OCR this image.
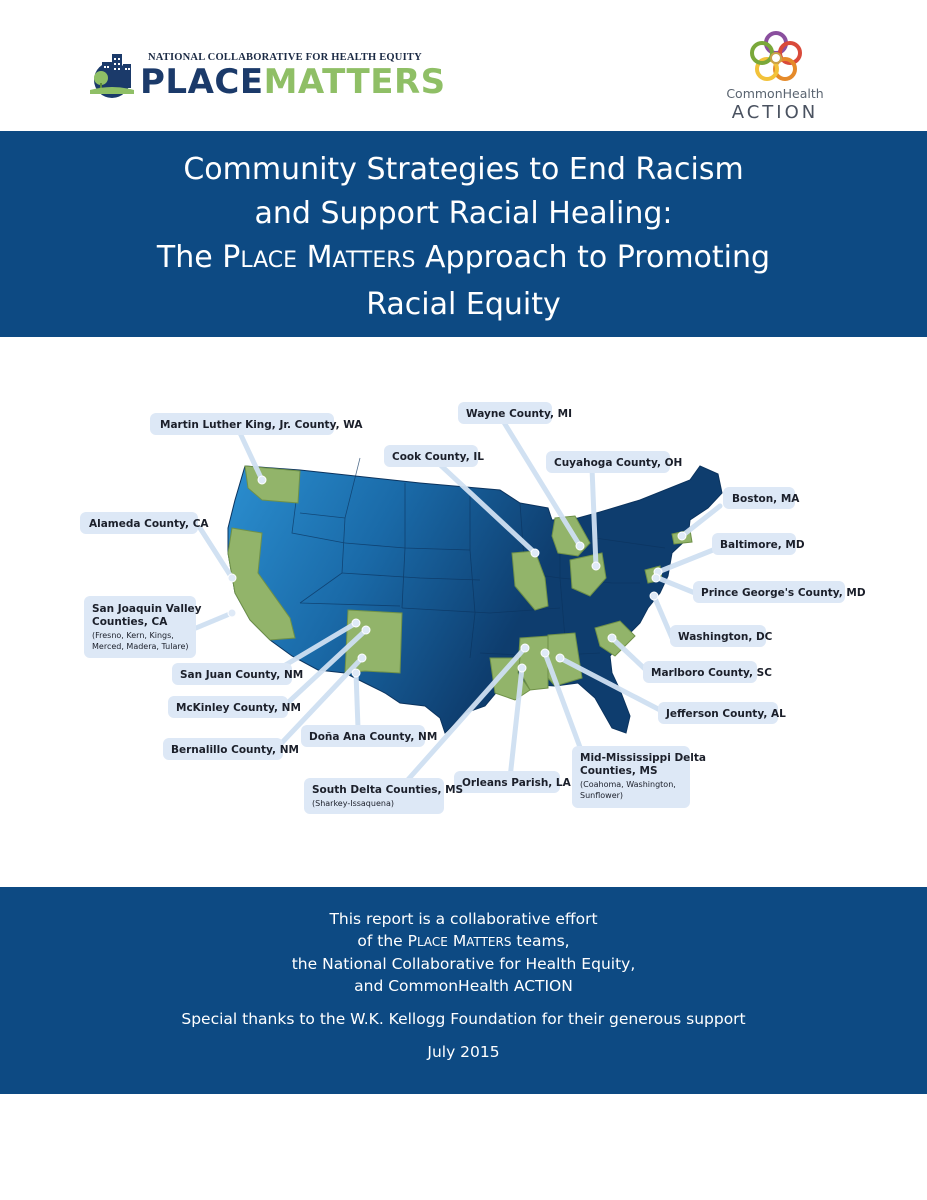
NATIONAL COLLABORATIVE FOR HEALTH EQUITY

PLACEMATTERS	CommonHealth

ACTION

Community Strategies to End Racism
and Support Racial Healing:
The PLACE MATTERS Approach to Promoting
Racial Equity
Martin Luther King, Jr. County, WA
Wayne County, MI
Cook County, IL	Cuyahoga County, OH
Boston, MA
Alameda County, CA
Baltimore, MD
Prince George's County, MD
San Joaquin Valley
Counties, CA
(Fresno, Kern, Kings,
Merced, Madera, Tulare)
Washington, DC
San Juan County, NM	Marlboro County, SC
McKinley County, NM	Jefferson County, AL
Bernalillo County, NM
Doña Ana County, NM
Mid-Mississippi Delta
Counties, MS
(Coahoma, Washington,
Sunflower)
Orleans Parish, LA
South Delta Counties, MS
(Sharkey-Issaquena)

This report is a collaborative effort

of the PLACE MATTERS teams,

the National Collaborative for Health Equity,

and CommonHealth ACTION

Special thanks to the W.K. Kellogg Foundation for their generous support

July 2015
